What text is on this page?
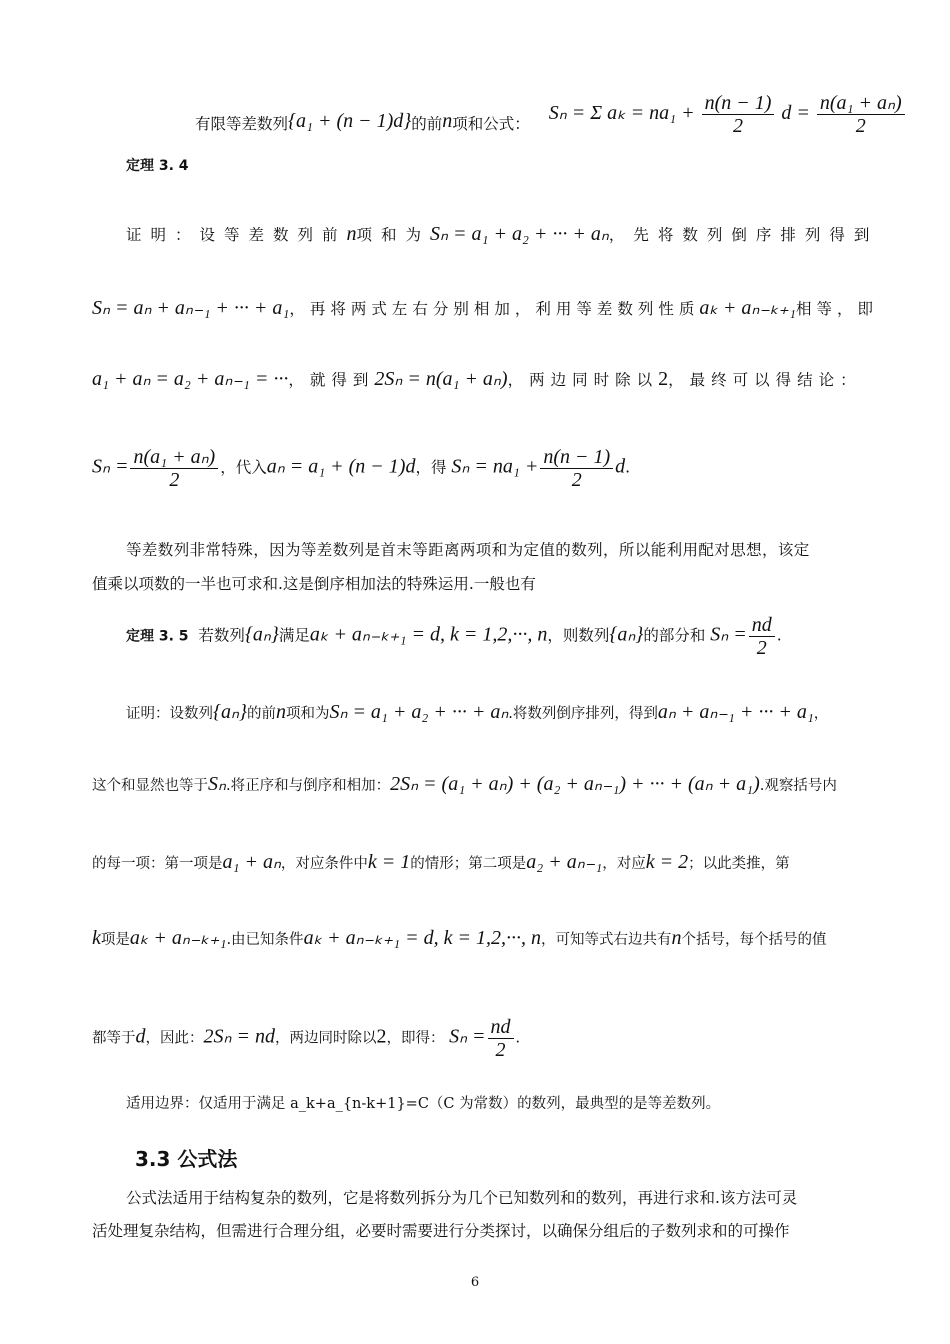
有限等差数列{a₁ + (n − 1)d}的前n项和公式： Sₙ = Σ $a_k = na_1 + \frac{n(n - 1)}{2}$ $d = \frac{\text{n(a₁ + aₙ)}}{2}$
定理 3. 4
证明：设等差数列前n项和为Sₙ = a₁ + a₂ + ··· + aₙ，先将数列倒序排列得到
Sₙ = aₙ + aₙ₋₁ + ··· + a₁，再将两式左右分别相加，利用等差数列性质aₖ + aₙ₋ₖ₊₁相等，即
a₁ + aₙ = a₂ + aₙ₋₁ = ···，就得到2Sₙ = n(a₁ + aₙ)，两边同时除以2，最终可以得结论：
$S_n = \frac{\text{n(a₁ + aₙ)}}{2}$ ，代入aₙ = a₁ + (n − 1)d，得 $S_n = na_1 + \frac{n(n - 1)}{2} d$.
等差数列非常特殊，因为等差数列是首末等距离两项和为定值的数列，所以能利用配对思想，该定
值乘以项数的一半也可求和.这是倒序相加法的特殊运用.一般也有
定理 3. 5 若数列{aₙ}满足aₖ + aₙ₋ₖ₊₁ = d, k = 1,2,···, n，则数列{aₙ}的部分和 $S_n = \frac{nd}{2}$ .
证明：设数列{aₙ}的前n项和为Sₙ = a₁ + a₂ + ··· + aₙ.将数列倒序排列，得到aₙ + aₙ₋₁ + ··· + a₁，
这个和显然也等于Sₙ.将正序和与倒序和相加：2Sₙ = (a₁ + aₙ) + (a₂ + aₙ₋₁) + ··· + (aₙ + a₁).观察括号内
的每一项：第一项是a₁ + aₙ，对应条件中k = 1的情形；第二项是a₂ + aₙ₋₁，对应k = 2；以此类推，第
k项是aₖ + aₙ₋ₖ₊₁.由已知条件aₖ + aₙ₋ₖ₊₁ = d, k = 1,2,···, n，可知等式右边共有n个括号，每个括号的值
都等于d，因此：2Sₙ = nd，两边同时除以2，即得： $S_n = \frac{nd}{2}$ .
适用边界：仅适用于满足 a_k+a_{n-k+1}=C（C 为常数）的数列，最典型的是等差数列。
3.3 公式法
公式法适用于结构复杂的数列，它是将数列拆分为几个已知数列和的数列，再进行求和.该方法可灵
活处理复杂结构，但需进行合理分组，必要时需要进行分类探讨，以确保分组后的子数列求和的可操作
6
